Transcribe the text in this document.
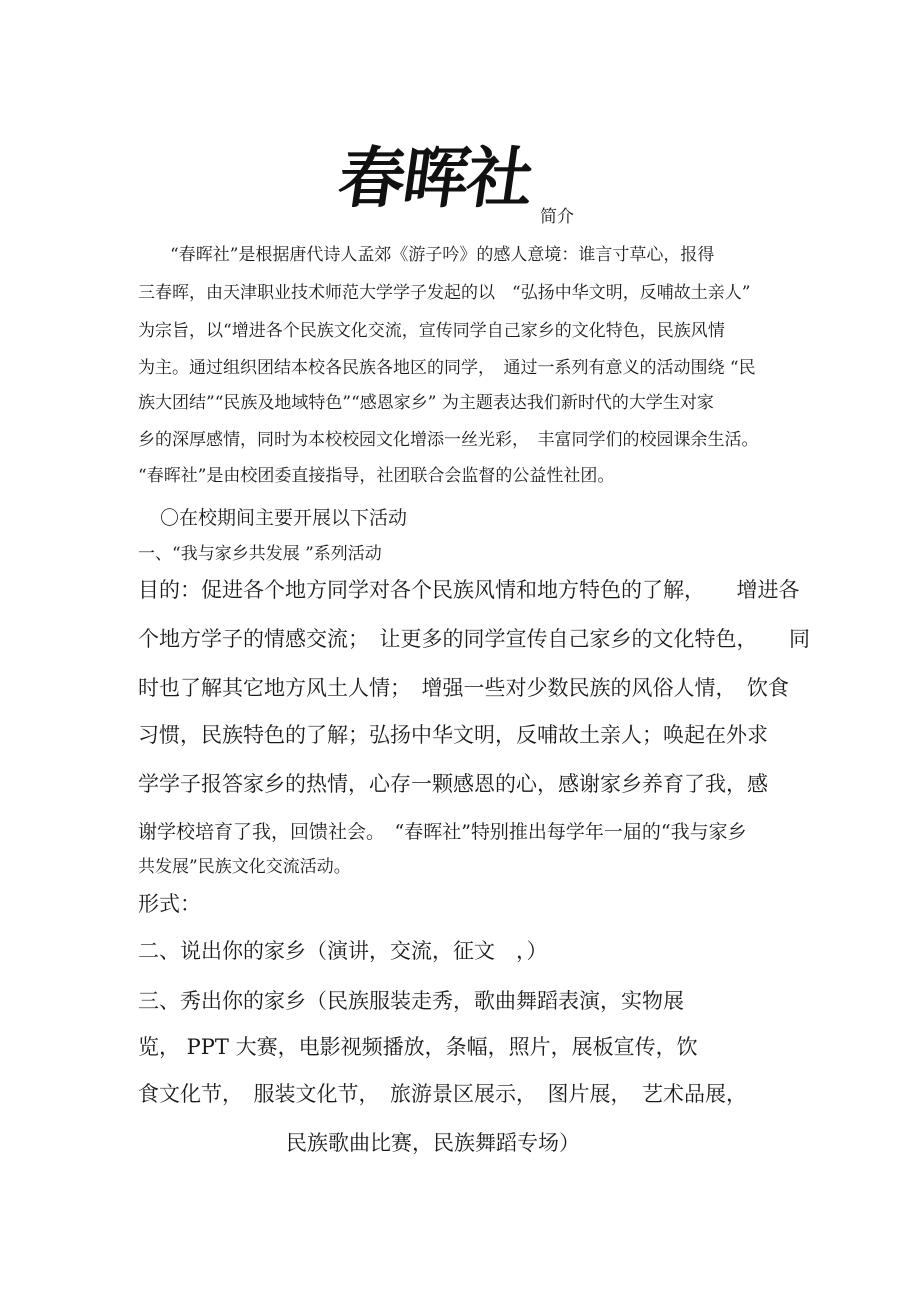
春晖社 简介
“春晖社”是根据唐代诗人孟郊《游子吟》的感人意境：谁言寸草心，报得
三春晖，由天津职业技术师范大学学子发起的以　“弘扬中华文明，反哺故土亲人”
为宗旨，以“增进各个民族文化交流，宣传同学自己家乡的文化特色，民族风情
为主。通过组织团结本校各民族各地区的同学，　通过一系列有意义的活动围绕 “民
族大团结”“民族及地域特色”“感恩家乡” 为主题表达我们新时代的大学生对家
乡的深厚感情，同时为本校校园文化增添一丝光彩，　丰富同学们的校园课余生活。
“春晖社”是由校团委直接指导，社团联合会监督的公益性社团。
〇在校期间主要开展以下活动
一、“我与家乡共发展 ”系列活动
目的：促进各个地方同学对各个民族风情和地方特色的了解，　　增进各
个地方学子的情感交流；　让更多的同学宣传自己家乡的文化特色，　　同
时也了解其它地方风土人情；　增强一些对少数民族的风俗人情，　饮食
习惯，民族特色的了解；弘扬中华文明，反哺故土亲人；唤起在外求
学学子报答家乡的热情，心存一颗感恩的心，感谢家乡养育了我，感
谢学校培育了我，回馈社会。　“春晖社”特别推出每学年一届的“我与家乡
共发展”民族文化交流活动。
形式：
二、说出你的家乡（演讲，交流，征文　，）
三、秀出你的家乡（民族服装走秀，歌曲舞蹈表演，实物展
览， PPT 大赛，电影视频播放，条幅，照片，展板宣传，饮
食文化节，　服装文化节，　旅游景区展示，　图片展，　艺术品展，
民族歌曲比赛，民族舞蹈专场）
